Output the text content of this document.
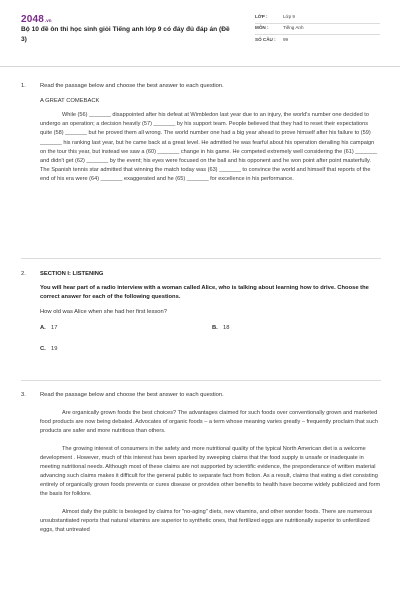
2048 .vn
Bộ 10 đề ôn thi học sinh giỏi Tiếng anh lớp 9 có đáy đủ đáp án (Đề 3)
LỚP :	Lớp 9
MÔN :	Tiếng Anh
SỐ CÂU :	99
1. Read the passage below and choose the best answer to each question.
A GREAT COMEBACK

While (56) _______ disappointed after his defeat at Wimbledon last year due to an injury, the world's number one decided to undergo an operation; a decision heavily (57) _______ by his support team. People believed that they had to reset their expectations quite (58) _______ but he proved them all wrong. The world number one had a big year ahead to prove himself after his failure to (59) _______ his ranking last year, but he came back at a great level. He admitted he was fearful about his operation derailing his campaign on the tour this year, but instead we saw a (60) _______ change in his game. He competed extremely well considering the (61) _______ and didn't get (62) _______ by the event; his eyes were focused on the ball and his opponent and he won point after point masterfully. The Spanish tennis star admitted that winning the match today was (63) _______ to convince the world and himself that reports of the end of his era were (64) _______ exaggerated and he (65) _______ for excellence in his performance.

2. SECTION I: LISTENING
You will hear part of a radio interview with a woman called Alice, who is talking about learning how to drive. Choose the correct answer for each of the following questions.
How old was Alice when she had her first lesson?
A. 17	B. 18
C. 19
3. Read the passage below and choose the best answer to each question.

Are organically grown foods the best choices? The advantages claimed for such foods over conventionally grown and marketed food products are now being debated. Advocates of organic foods – a term whose meaning varies greatly – frequently proclaim that such products are safer and more nutritious than others.

The growing interest of consumers in the safety and more nutritional quality of the typical North American diet is a welcome development . However, much of this interest has been sparked by sweeping claims that the food supply is unsafe or inadequate in meeting nutritional needs. Although most of these claims are not supported by scientific evidence, the preponderance of written material advancing such claims makes it difficult for the general public to separate fact from fiction. As a result, claims that eating a diet consisting entirely of organically grown foods prevents or cures disease or provides other benefits to health have become widely publicized and form the basis for folklore.

Almost daily the public is besieged by claims for "no-aging" diets, new vitamins, and other wonder foods. There are numerous unsubstantiated reports that natural vitamins are superior to synthetic ones, that fertilized eggs are nutritionally superior to unfertilized eggs, that untreated
